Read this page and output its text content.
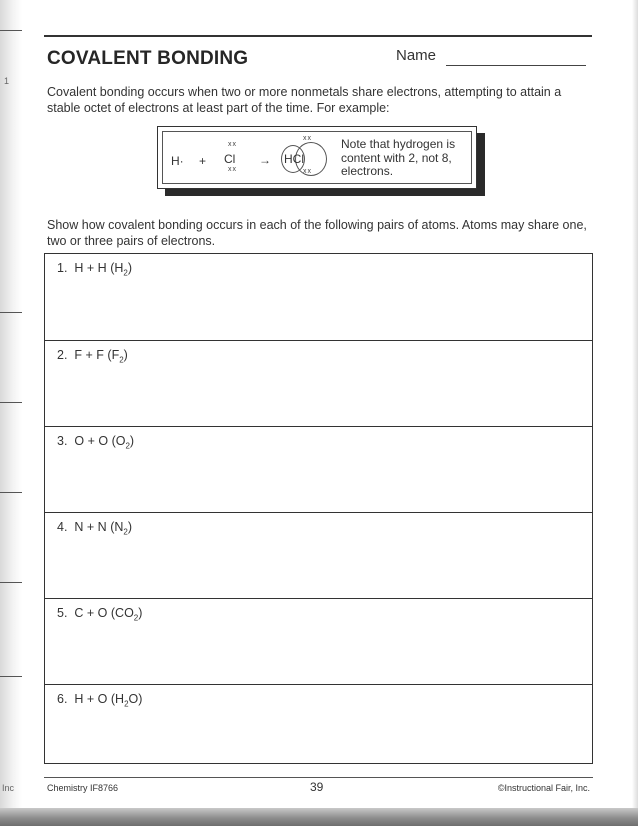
1
Inc
COVALENT BONDING	Name
Covalent bonding occurs when two or more nonmetals share electrons, attempting to attain a stable octet of electrons at least part of the time. For example:
H· +
xx
Cl
xx
→
xx
HCl
xx
Note that hydrogen is content with 2, not 8, electrons.
Show how covalent bonding occurs in each of the following pairs of atoms. Atoms may share one, two or three pairs of electrons.
1. H + H $(H_2)$
2. F + F $(F_2)$
3. O + O $(O_2)$
4. N + N $(N_2)$
5. C + O $(CO_2)$
6. H + O $(H_2O)$
Chemistry IF8766	39	©Instructional Fair, Inc.
